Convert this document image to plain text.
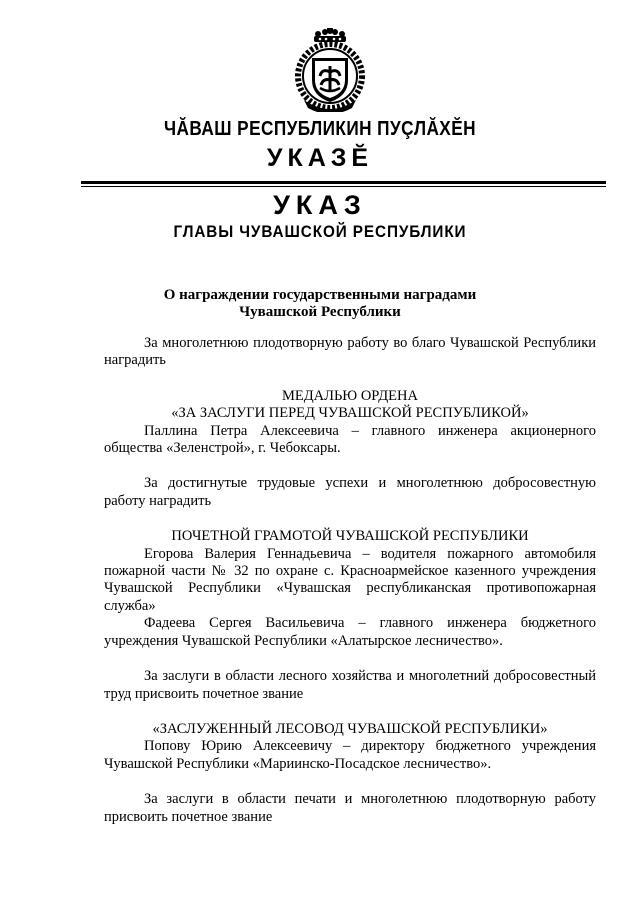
ЧĂВАШ РЕСПУБЛИКИН ПУÇЛĂХĔН
УКАЗĔ
УКАЗ
ГЛАВЫ ЧУВАШСКОЙ РЕСПУБЛИКИ
О награждении государственными наградами
Чувашской Республики

За многолетнюю плодотворную работу во благо Чувашской Республики наградить

МЕДАЛЬЮ ОРДЕНА

«ЗА ЗАСЛУГИ ПЕРЕД ЧУВАШСКОЙ РЕСПУБЛИКОЙ»

Паллина Петра Алексеевича – главного инженера акционерного общества «Зеленстрой», г. Чебоксары.

За достигнутые трудовые успехи и многолетнюю добросовестную работу наградить

ПОЧЕТНОЙ ГРАМОТОЙ ЧУВАШСКОЙ РЕСПУБЛИКИ

Егорова Валерия Геннадьевича – водителя пожарного автомобиля пожарной части № 32 по охране с. Красноармейское казенного учреждения Чувашской Республики «Чувашская республиканская противопожарная служба»

Фадеева Сергея Васильевича – главного инженера бюджетного учреждения Чувашской Республики «Алатырское лесничество».

За заслуги в области лесного хозяйства и многолетний добросовестный труд присвоить почетное звание

«ЗАСЛУЖЕННЫЙ ЛЕСОВОД ЧУВАШСКОЙ РЕСПУБЛИКИ»

Попову Юрию Алексеевичу – директору бюджетного учреждения Чувашской Республики «Мариинско-Посадское лесничество».

За заслуги в области печати и многолетнюю плодотворную работу присвоить почетное звание
